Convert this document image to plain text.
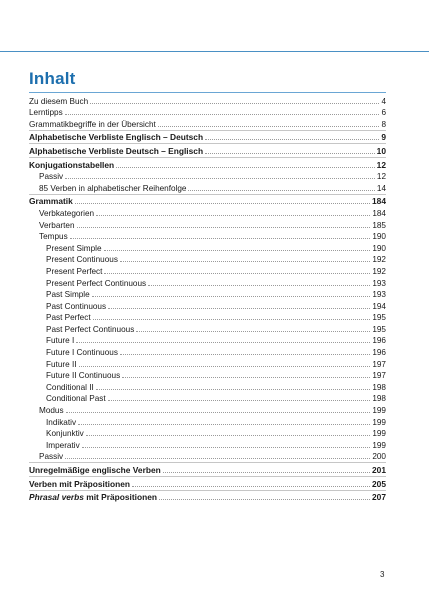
Inhalt
Zu diesem Buch	4
Lerntipps	6
Grammatikbegriffe in der Übersicht	8
Alphabetische Verbliste Englisch – Deutsch	9
Alphabetische Verbliste Deutsch – Englisch	10
Konjugationstabellen	12
Passiv	12
85 Verben in alphabetischer Reihenfolge	14
Grammatik	184
Verbkategorien	184
Verbarten	185
Tempus	190
Present Simple	190
Present Continuous	192
Present Perfect	192
Present Perfect Continuous	193
Past Simple	193
Past Continuous	194
Past Perfect	195
Past Perfect Continuous	195
Future I	196
Future I Continuous	196
Future II	197
Future II Continuous	197
Conditional II	198
Conditional Past	198
Modus	199
Indikativ	199
Konjunktiv	199
Imperativ	199
Passiv	200
Unregelmäßige englische Verben	201
Verben mit Präpositionen	205
Phrasal verbs mit Präpositionen	207
3
